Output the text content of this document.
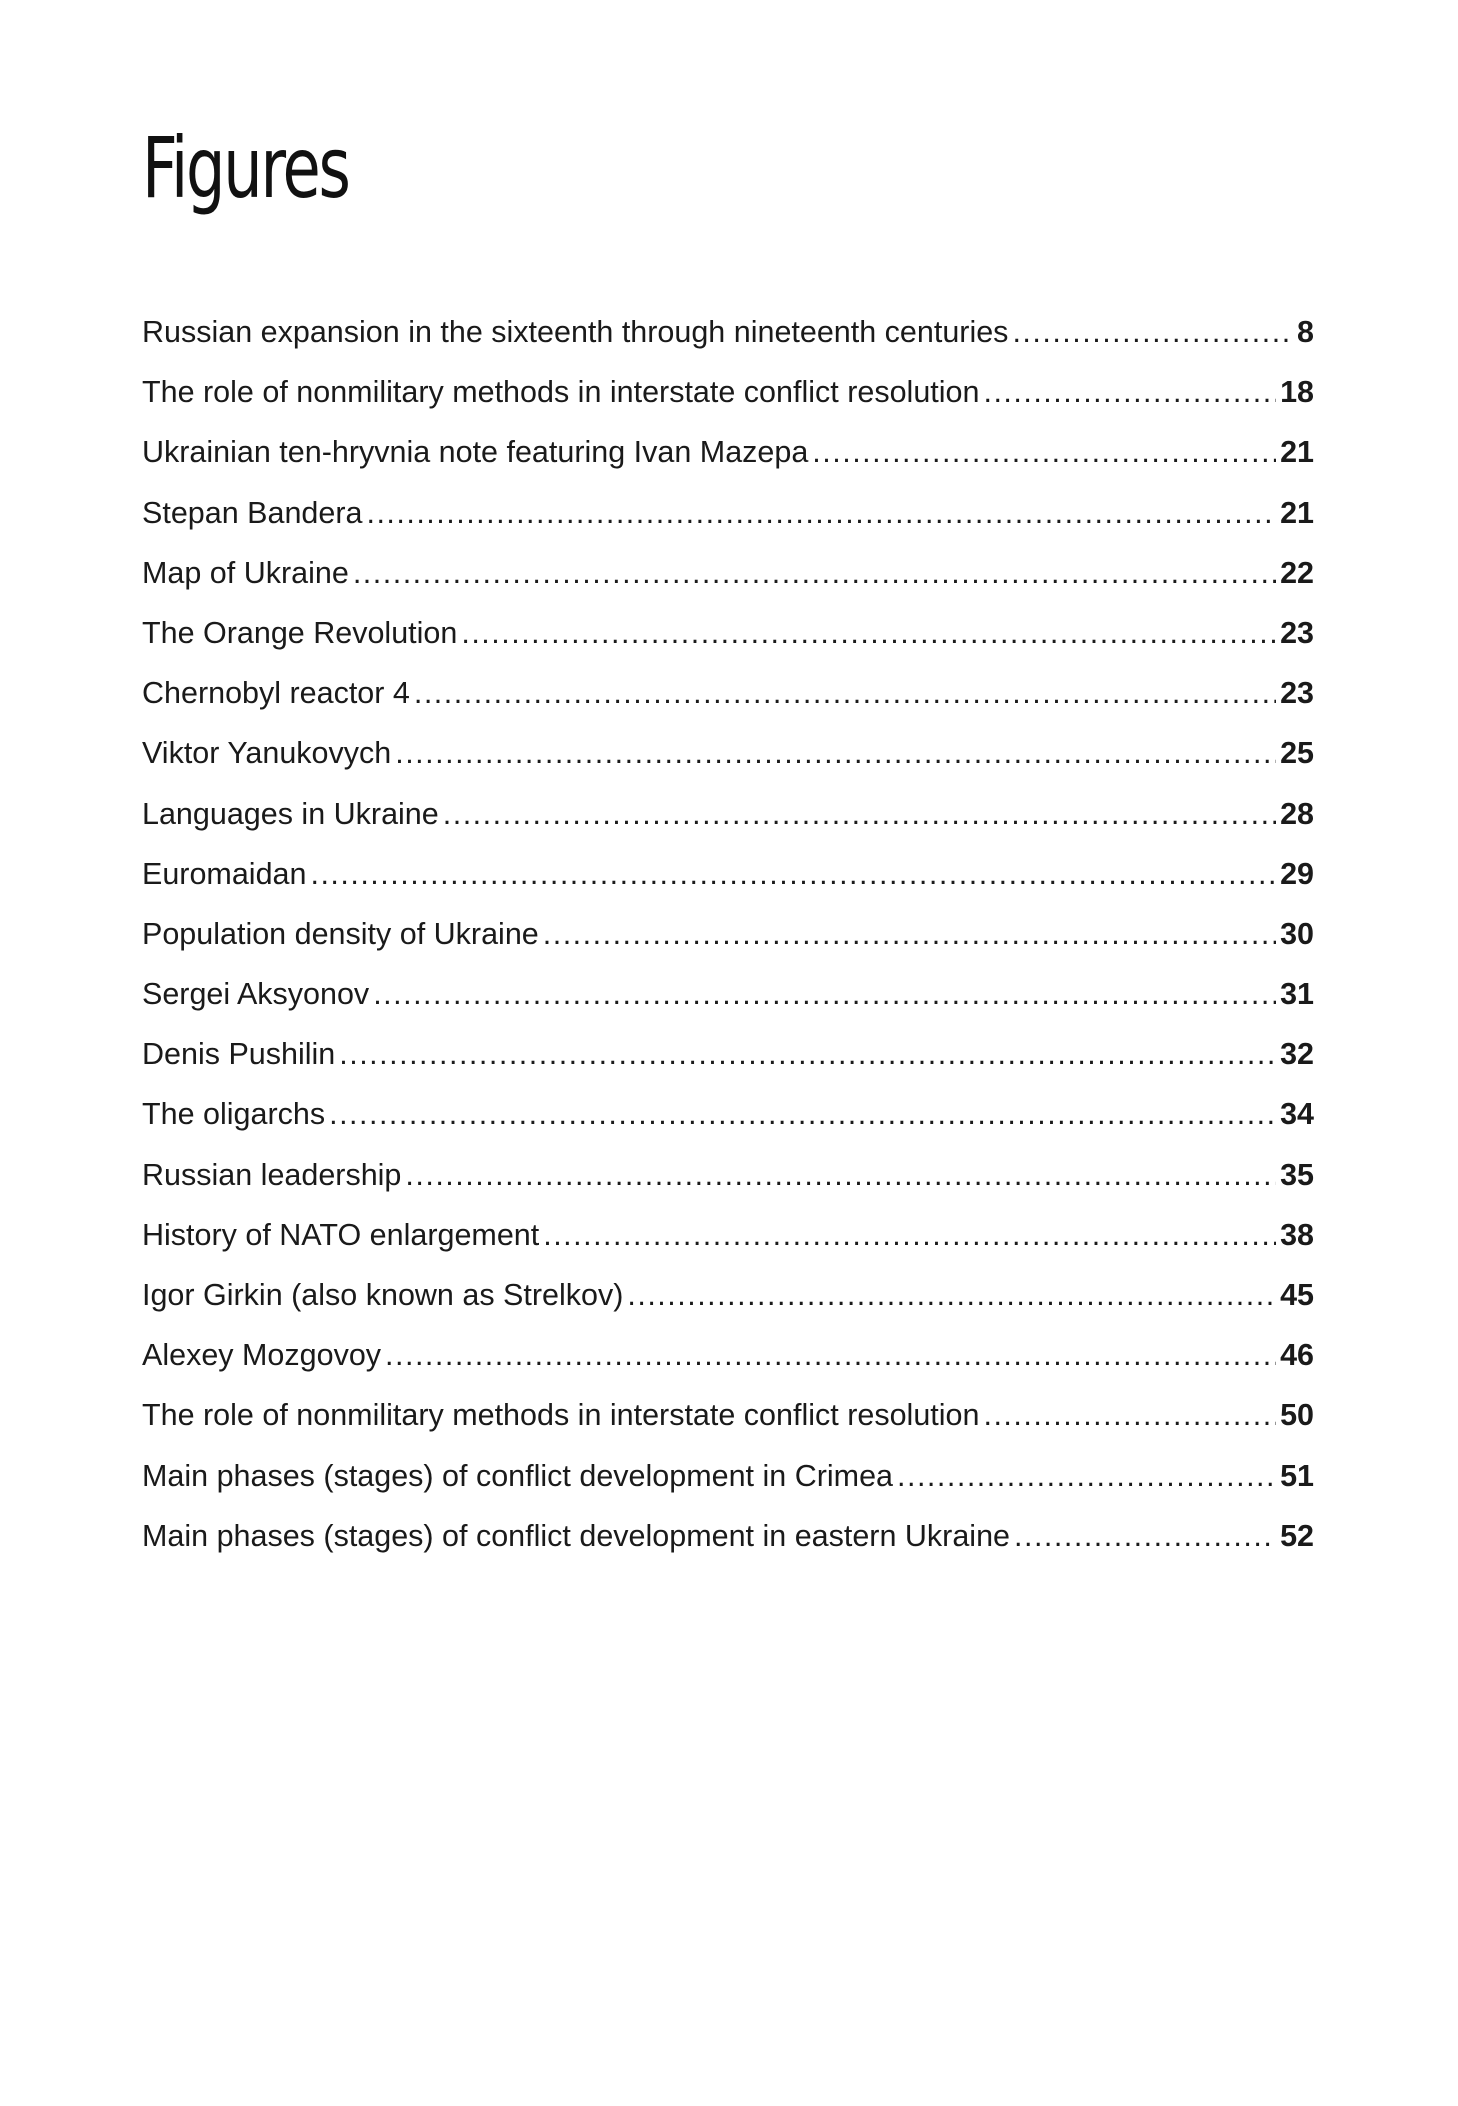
Figures
Russian expansion in the sixteenth through nineteenth centuries .....	8
The role of nonmilitary methods in interstate conflict resolution .....	18
Ukrainian ten-hryvnia note featuring Ivan Mazepa .....	21
Stepan Bandera .....	21
Map of Ukraine .....	22
The Orange Revolution .....	23
Chernobyl reactor 4 .....	23
Viktor Yanukovych .....	25
Languages in Ukraine .....	28
Euromaidan .....	29
Population density of Ukraine .....	30
Sergei Aksyonov .....	31
Denis Pushilin .....	32
The oligarchs .....	34
Russian leadership .....	35
History of NATO enlargement .....	38
Igor Girkin (also known as Strelkov) .....	45
Alexey Mozgovoy .....	46
The role of nonmilitary methods in interstate conflict resolution .....	50
Main phases (stages) of conflict development in Crimea .....	51
Main phases (stages) of conflict development in eastern Ukraine .....	52
